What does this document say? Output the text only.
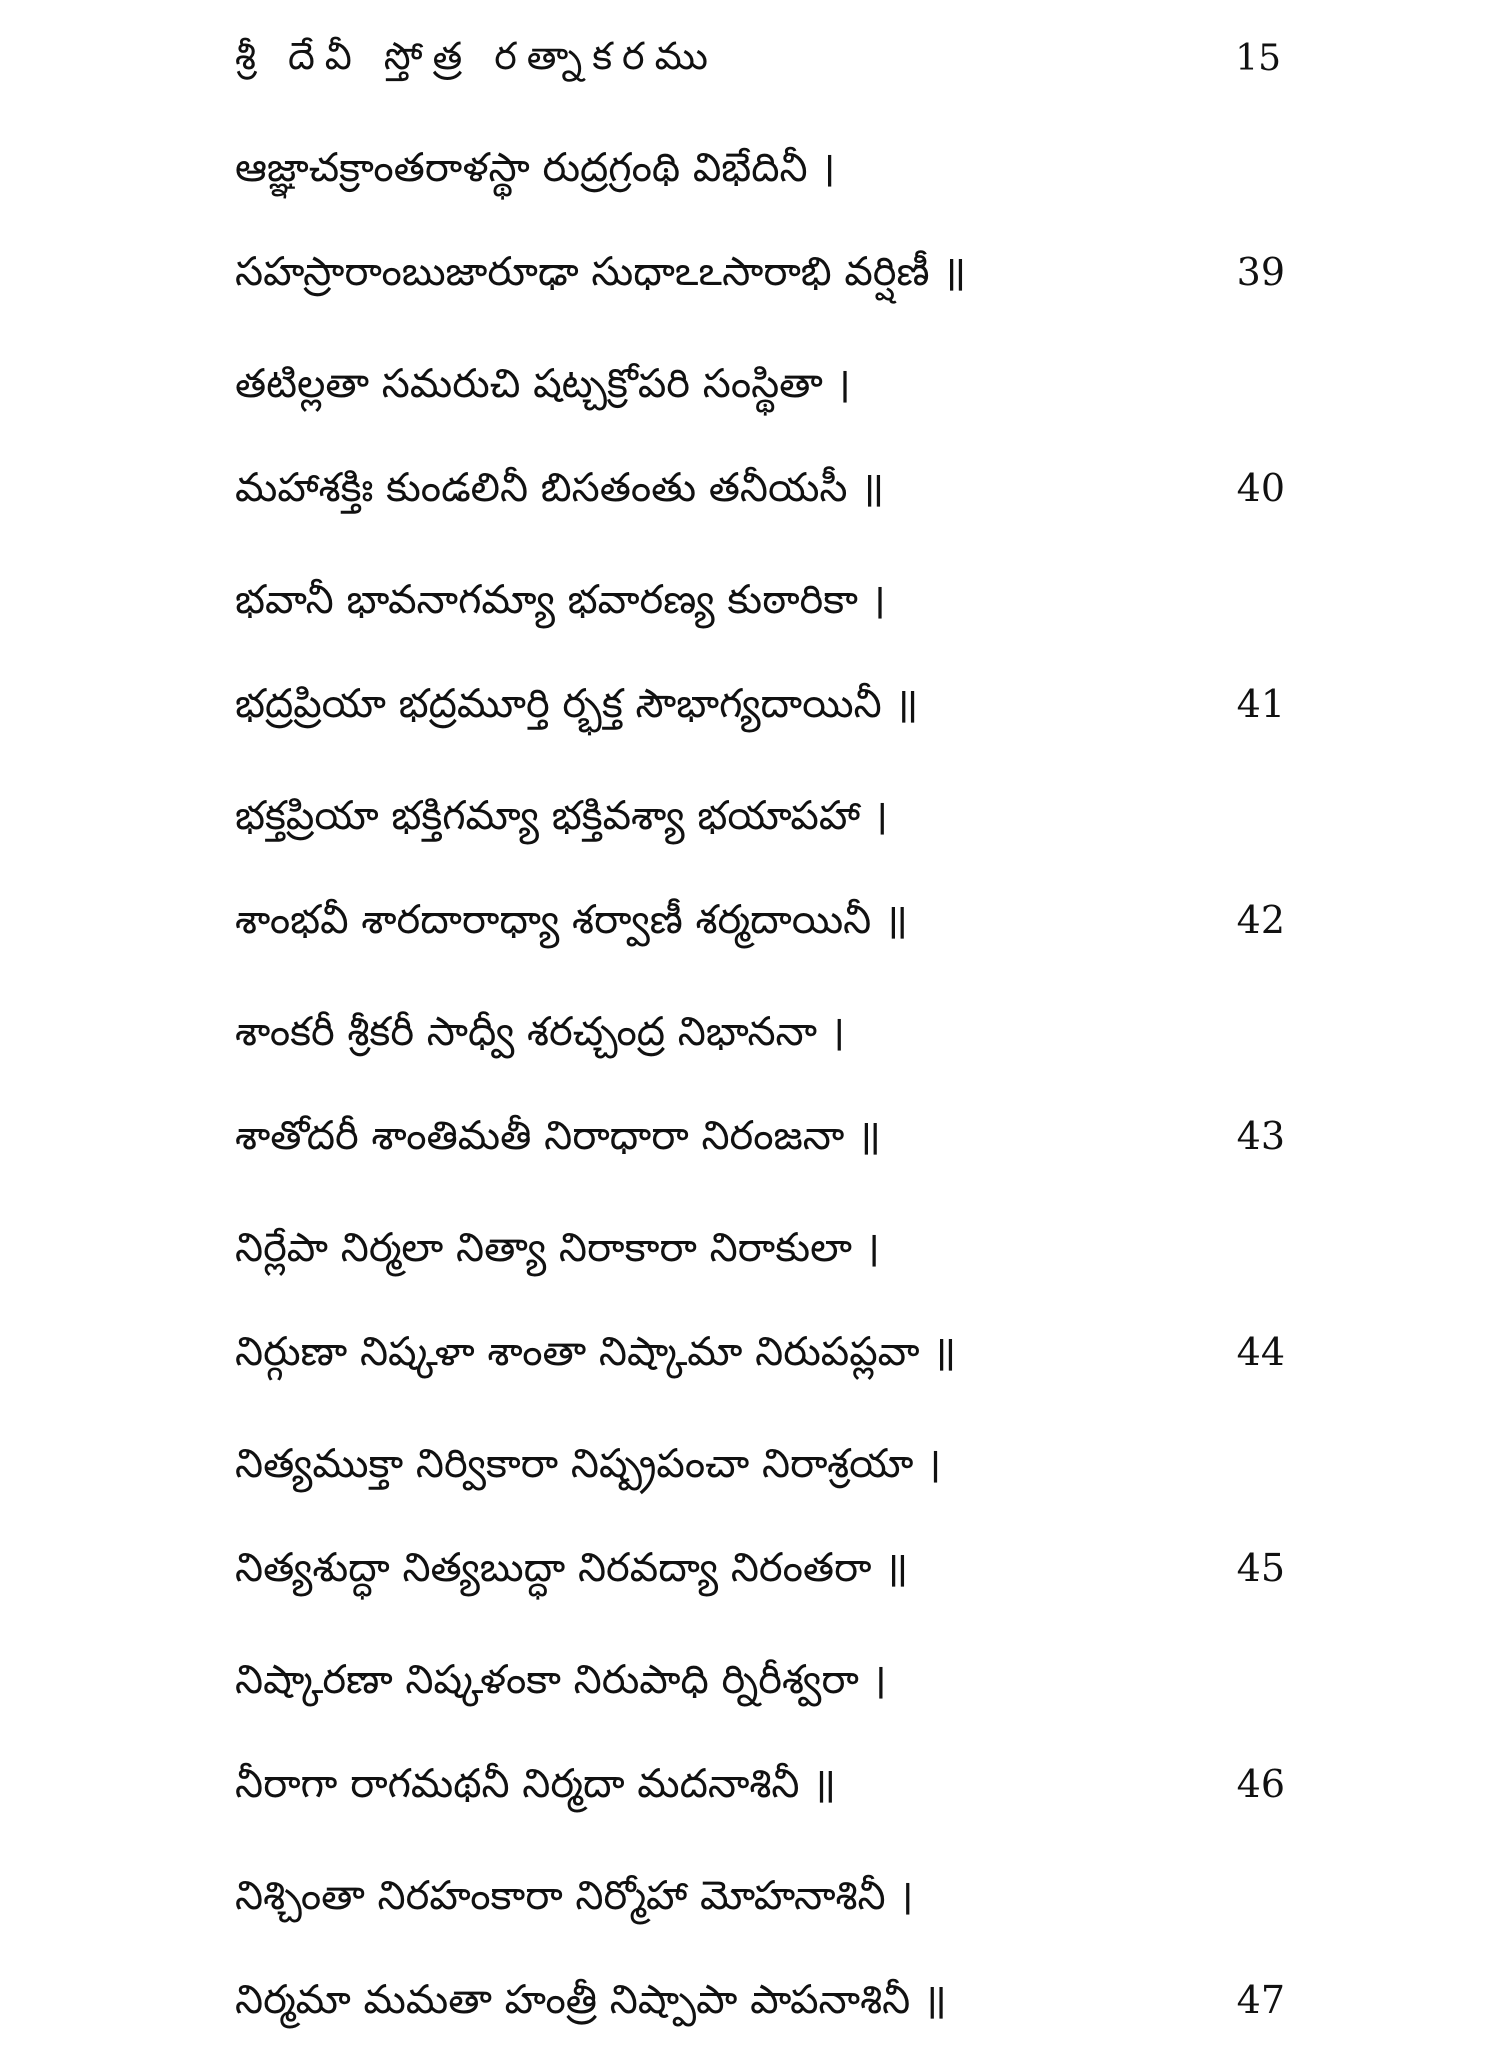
శ్రీ దేవీ స్తోత్ర రత్నాకరము	15
ఆజ్ఞాచక్రాంతరాళస్థా రుద్రగ్రంథి విభేదినీ ।
సహస్రారాంబుజారూఢా సుధాఽఽసారాభి వర్షిణీ ॥	39
తటిల్లతా సమరుచి షట్చక్రోపరి సంస్థితా ।
మహాశక్తిః కుండలినీ బిసతంతు తనీయసీ ॥	40
భవానీ భావనాగమ్యా భవారణ్య కుఠారికా ।
భద్రప్రియా భద్రమూర్తి ర్భక్త సౌభాగ్యదాయినీ ॥	41
భక్తప్రియా భక్తిగమ్యా భక్తివశ్యా భయాపహా ।
శాంభవీ శారదారాధ్యా శర్వాణీ శర్మదాయినీ ॥	42
శాంకరీ శ్రీకరీ సాధ్వీ శరచ్చంద్ర నిభాననా ।
శాతోదరీ శాంతిమతీ నిరాధారా నిరంజనా ॥	43
నిర్లేపా నిర్మలా నిత్యా నిరాకారా నిరాకులా ।
నిర్గుణా నిష్కళా శాంతా నిష్కామా నిరుపప్లవా ॥	44
నిత్యముక్తా నిర్వికారా నిష్ప్రపంచా నిరాశ్రయా ।
నిత్యశుద్ధా నిత్యబుద్ధా నిరవద్యా నిరంతరా ॥	45
నిష్కారణా నిష్కళంకా నిరుపాధి ర్నిరీశ్వరా ।
నీరాగా రాగమథనీ నిర్మదా మదనాశినీ ॥	46
నిశ్చింతా నిరహంకారా నిర్మోహా మోహనాశినీ ।
నిర్మమా మమతా హంత్రీ నిష్పాపా పాపనాశినీ ॥	47
